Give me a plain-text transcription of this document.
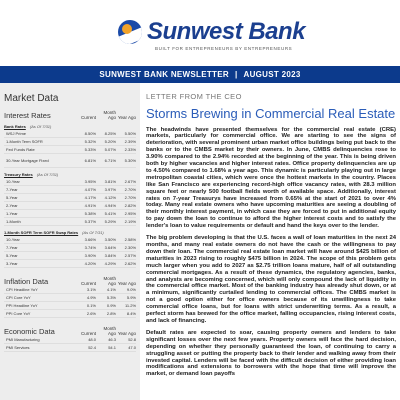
Sunwest Bank
BUILT FOR ENTREPRENEURS BY ENTREPRENEURS
SUNWEST BANK NEWSLETTER | AUGUST 2023
Market Data
Interest Rates	Current
Month Ago Year Ago
Bank Rates (As Of 7/31)
WSJ Prime	8.50%	8.25%	5.50%
1-Month Term SOFR	5.32%	5.20%	2.39%
Fed Funds Rate	5.33%	5.07%	2.33%
30-Year Mortgage Fixed	6.81%	6.71%	5.30%
Treasury Rates (As Of 7/31)
10-Year	3.95%	3.81%	2.67%
7-Year	4.07%	3.97%	2.70%
5-Year	4.17%	4.12%	2.70%
2-Year	4.91%	4.94%	2.82%
1-Year	5.38%	5.41%	2.95%
1-Month	5.37%	5.29%	2.19%
1-Month SOFR Term SOFR Swap Rates (As Of 7/31)
10-Year	3.66%	3.50%	2.58%
7-Year	3.74%	3.64%	2.30%
5-Year	3.90%	3.84%	2.57%
3-Year	4.20%	4.29%	2.62%
Inflation Data	Current
Month Ago Year Ago
CPI Headline YoY	3.1%	4.1%	9.0%
CPI Core YoY	4.9%	5.3%	5.9%
PPI Headline YoY	0.1%	0.9%	11.2%
PPI Core YoY	2.6%	2.8%	8.4%
Economic Data	Current
Month Ago Year Ago
PMI Manufacturing	48.0	46.3	52.8
PMI Services	52.4	54.1	47.0
LETTER FROM THE CEO
Storms Brewing in Commercial Real Estate

The headwinds have presented themselves for the commercial real estate (CRE) markets, particularly for commercial office. We are starting to see the signs of deterioration, with several prominent urban market office buildings being put back to the banks or to the CMBS market by their owners. In June, CMBS delinquencies rose to 3.90% compared to the 2.94% recorded at the beginning of the year. This is being driven both by higher vacancies and higher interest rates. Office property delinquencies are up to 4.50% compared to 1.68% a year ago. This dynamic is particularly playing out in large metropolitan coastal cities, which were once the hottest markets in the country. Places like San Francisco are experiencing record-high office vacancy rates, with 28.3 million square feet or nearly 500 football fields worth of available space. Additionally, interest rates on 7-year Treasurys have increased from 0.65% at the start of 2021 to over 4% today. Many real estate owners who have upcoming maturities are seeing a doubling of their monthly interest payment, in which case they are forced to put in additional equity to pay down the loan to continue to afford the higher interest costs and to satisfy the lender's loan to value requirements or default and hand the keys over to the lender.

The big problem developing is that the U.S. faces a wall of loan maturities in the next 24 months, and many real estate owners do not have the cash or the willingness to pay down their loan. The commercial real estate loan market will have around $425 billion of maturities in 2023 rising to roughly $475 billion in 2024. The scope of this problem gets much larger when you add to 2027 as $2.75 trillion loans mature, half of all outstanding commercial mortgages. As a result of these dynamics, the regulatory agencies, banks, and analysts are becoming concerned, which will only compound the lack of liquidity in the commercial office market. Most of the banking industry has already shut down, or at a minimum, significantly curtailed lending to commercial offices. The CMBS market is not a good option either for office owners because of its unwillingness to take commercial office loans, but for loans with strict underwriting terms. As a result, a perfect storm has brewed for the office market, falling occupancies, rising interest costs, and lack of financing.

Default rates are expected to soar, causing property owners and lenders to take significant losses over the next few years. Property owners will face the hard decision, depending on whether they personally guaranteed the loan, of continuing to carry a struggling asset or putting the property back to their lender and walking away from their invested capital. Lenders will be faced with the difficult decision of either providing loan modifications and extensions to borrowers with the hope that time will improve the market, or demand loan payoffs
